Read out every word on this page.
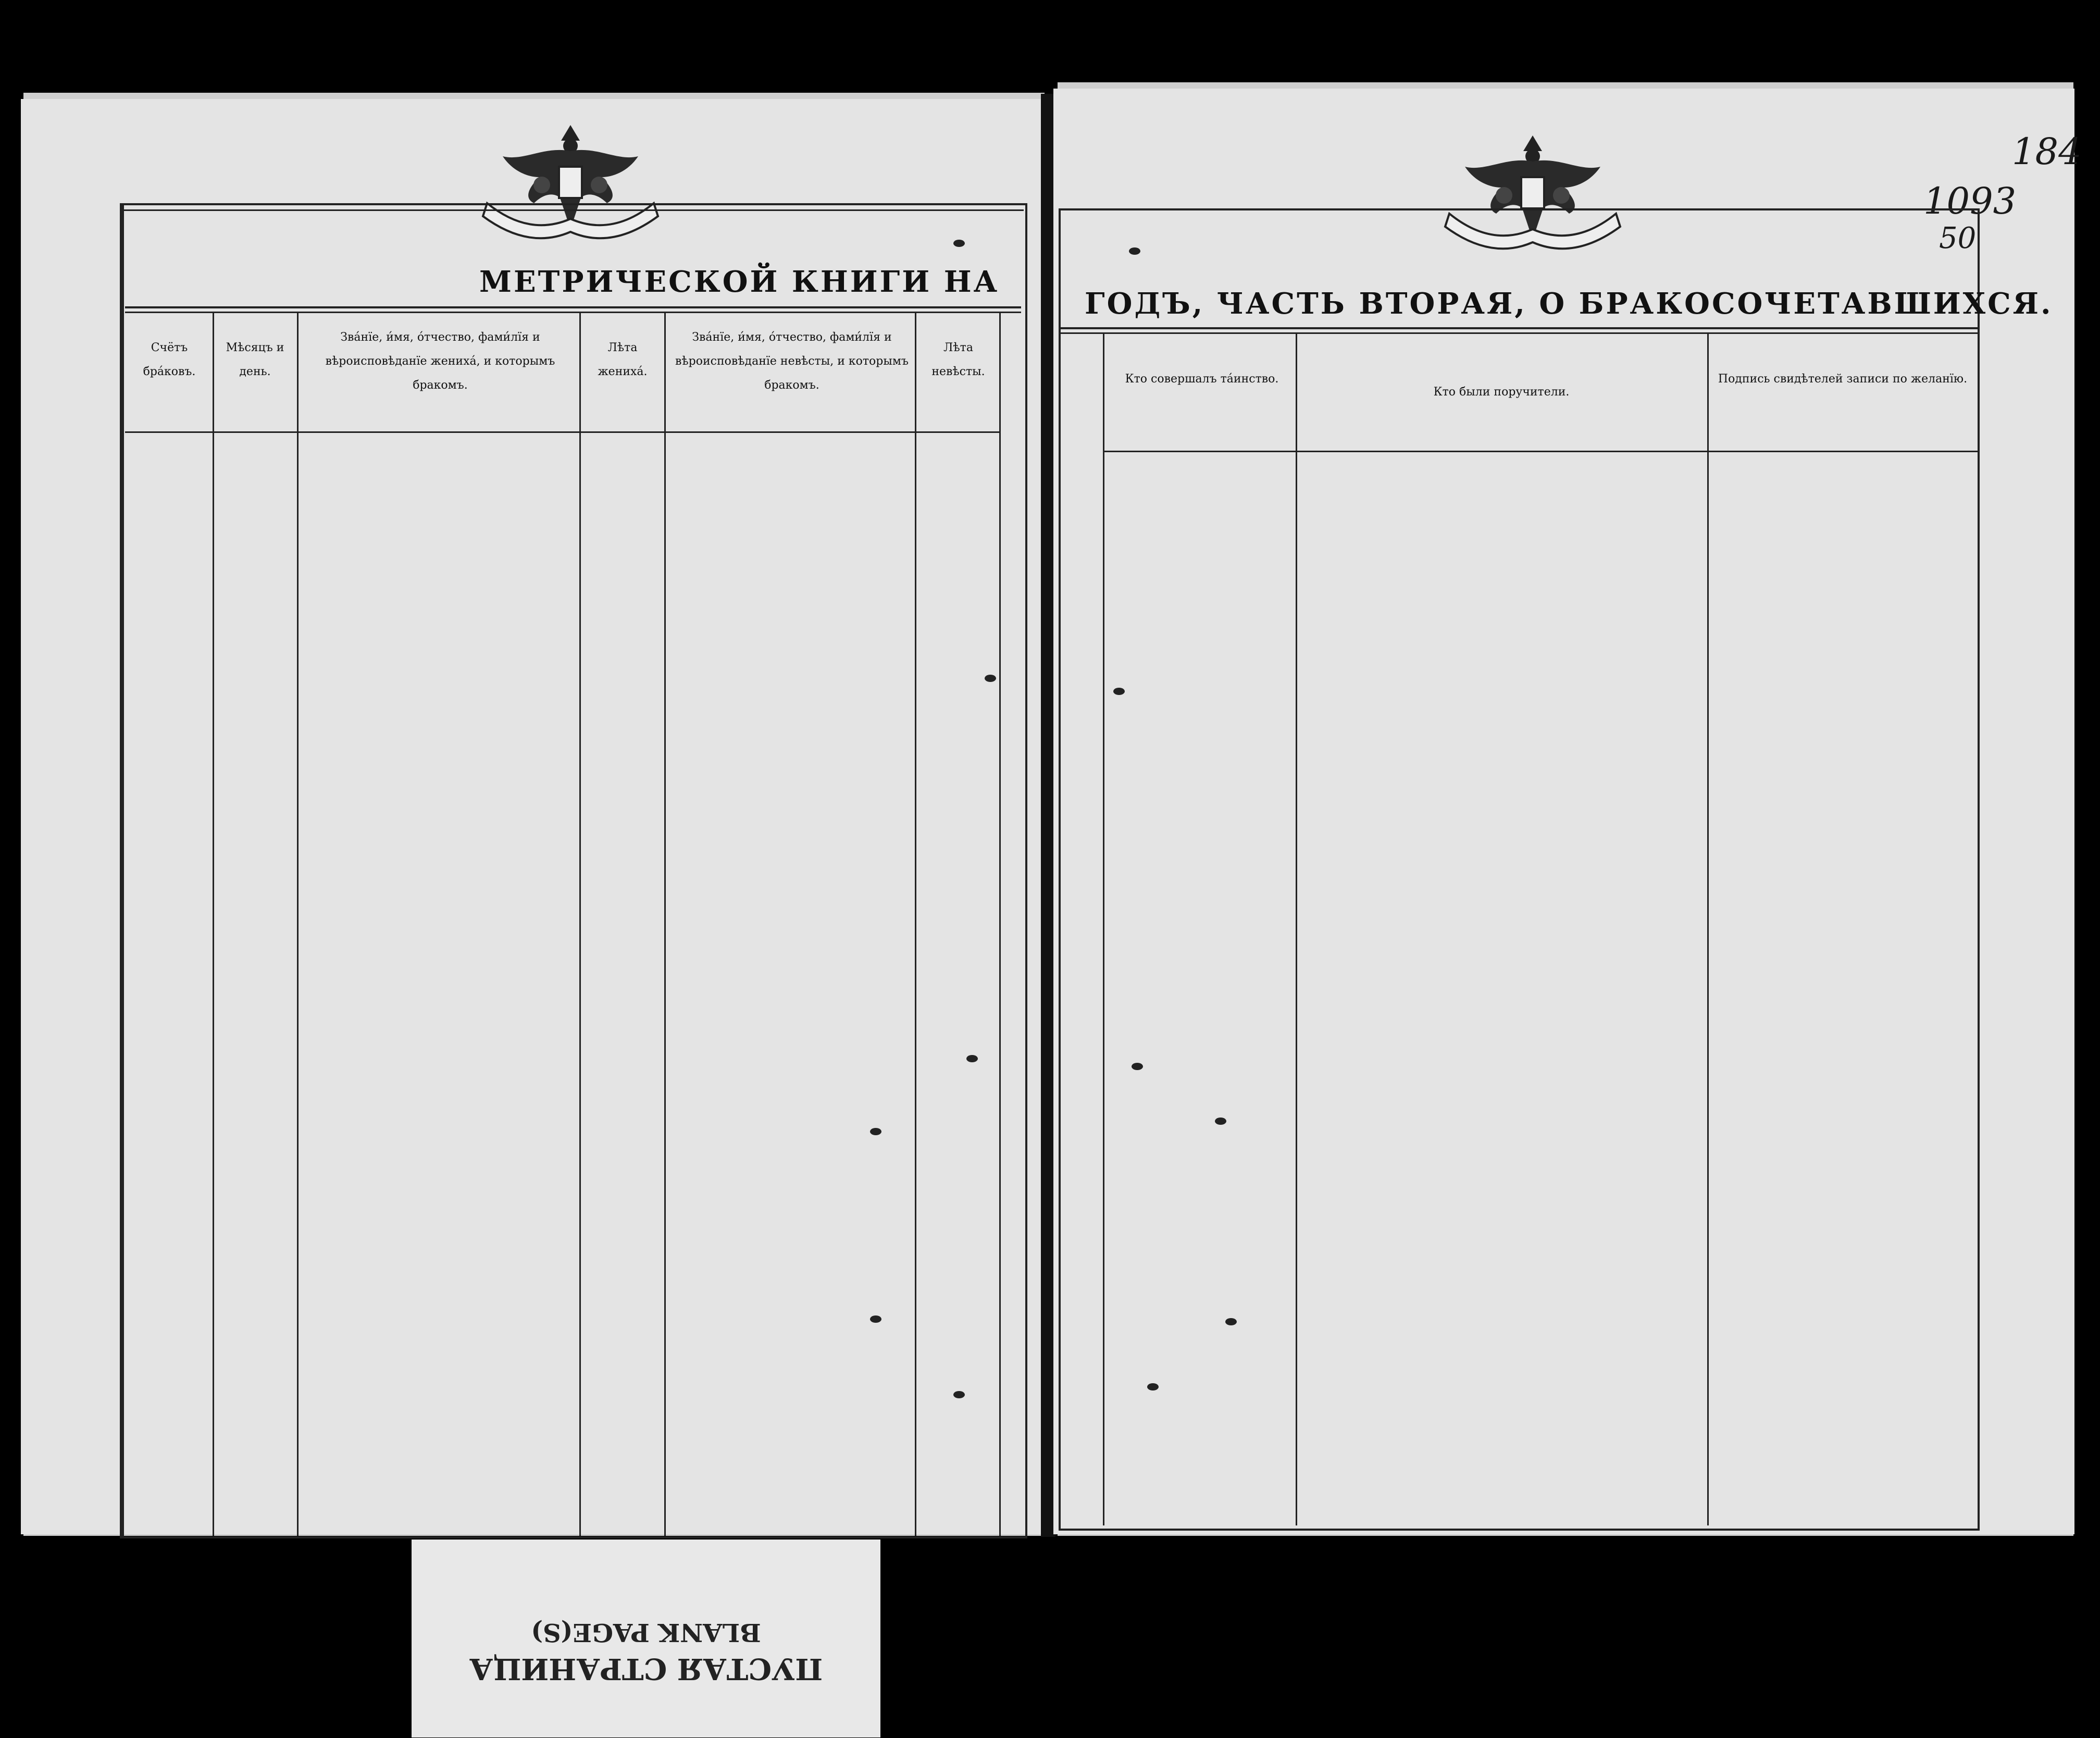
МЕТРИЧЕСКОЙ КНИГИ НА
Счётъ бра́ковъ.
Мѣсяцъ и день.
Зва́нїе, и́мя, о́тчество, фами́лїя и вѣроисповѣданїе жениха́, и которымъ бракомъ.
Лѣта жениха́.
Зва́нїе, и́мя, о́тчество, фами́лїя и вѣроисповѣданїе невѣсты, и которымъ бракомъ.
Лѣта невѣсты.
184
1093
50
ГОДЪ, ЧАСТЬ ВТОРАЯ, О БРАКОСОЧЕТАВШИХСЯ.
Кто совершалъ та́инство.
Кто были поручители.
Подпись свидѣтелей записи по желанїю.
BLANK PAGE(S)
ПУСТАЯ СТРАНИЦА
